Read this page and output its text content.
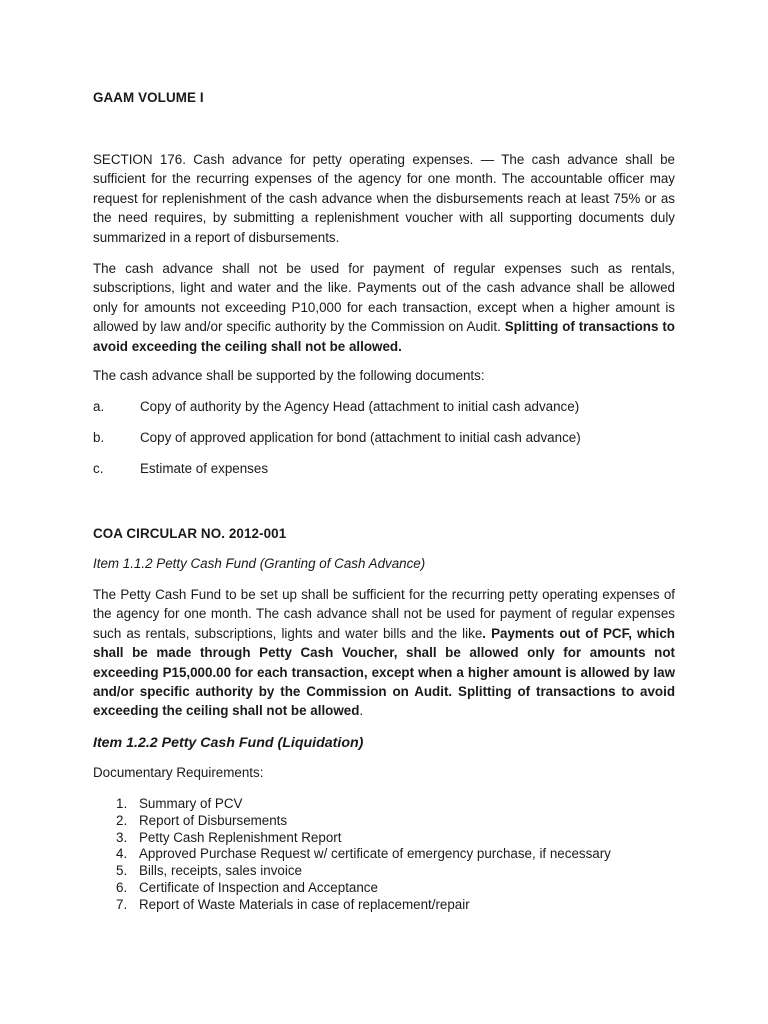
GAAM VOLUME I
SECTION 176. Cash advance for petty operating expenses. — The cash advance shall be sufficient for the recurring expenses of the agency for one month. The accountable officer may request for replenishment of the cash advance when the disbursements reach at least 75% or as the need requires, by submitting a replenishment voucher with all supporting documents duly summarized in a report of disbursements.
The cash advance shall not be used for payment of regular expenses such as rentals, subscriptions, light and water and the like. Payments out of the cash advance shall be allowed only for amounts not exceeding P10,000 for each transaction, except when a higher amount is allowed by law and/or specific authority by the Commission on Audit. Splitting of transactions to avoid exceeding the ceiling shall not be allowed.
The cash advance shall be supported by the following documents:
a.	Copy of authority by the Agency Head (attachment to initial cash advance)
b.	Copy of approved application for bond (attachment to initial cash advance)
c.	Estimate of expenses
COA CIRCULAR NO. 2012-001
Item 1.1.2 Petty Cash Fund (Granting of Cash Advance)
The Petty Cash Fund to be set up shall be sufficient for the recurring petty operating expenses of the agency for one month. The cash advance shall not be used for payment of regular expenses such as rentals, subscriptions, lights and water bills and the like. Payments out of PCF, which shall be made through Petty Cash Voucher, shall be allowed only for amounts not exceeding P15,000.00 for each transaction, except when a higher amount is allowed by law and/or specific authority by the Commission on Audit. Splitting of transactions to avoid exceeding the ceiling shall not be allowed.
Item 1.2.2 Petty Cash Fund (Liquidation)
Documentary Requirements:
1. Summary of PCV
2. Report of Disbursements
3. Petty Cash Replenishment Report
4. Approved Purchase Request w/ certificate of emergency purchase, if necessary
5. Bills, receipts, sales invoice
6. Certificate of Inspection and Acceptance
7. Report of Waste Materials in case of replacement/repair
